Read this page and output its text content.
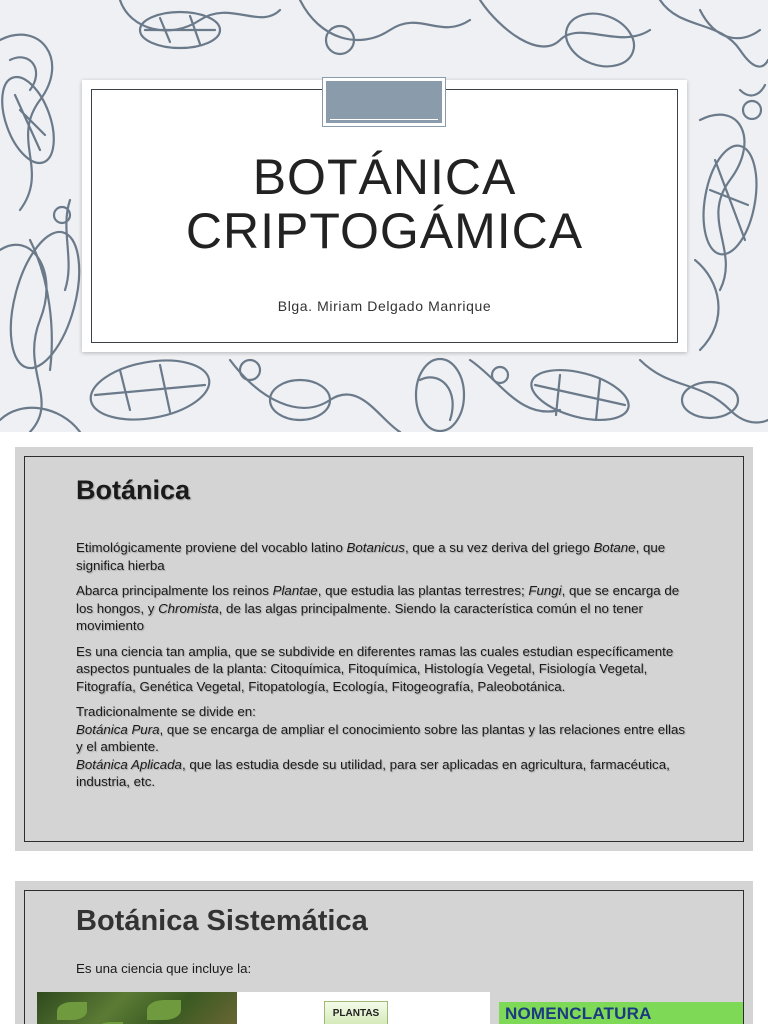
BOTÁNICA
CRIPTOGÁMICA
Blga. Miriam Delgado Manrique
Botánica

Etimológicamente proviene del vocablo latino Botanicus, que a su vez deriva del griego Botane, que significa hierba

Abarca principalmente los reinos Plantae, que estudia las plantas terrestres; Fungi, que se encarga de los hongos, y Chromista, de las algas principalmente. Siendo la característica común el no tener movimiento

Es una ciencia tan amplia, que se subdivide en diferentes ramas las cuales estudian específicamente aspectos puntuales de la planta: Citoquímica, Fitoquímica, Histología Vegetal, Fisiología Vegetal, Fitografía, Genética Vegetal, Fitopatología, Ecología, Fitogeografía, Paleobotánica.

Tradicionalmente se divide en:
Botánica Pura, que se encarga de ampliar el conocimiento sobre las plantas y las relaciones entre ellas y el ambiente.
Botánica Aplicada, que las estudia desde su utilidad, para ser aplicadas en agricultura, farmacéutica, industria, etc.

Botánica Sistemática
Es una ciencia que incluye la:
PLANTAS	NOMENCLATURA
